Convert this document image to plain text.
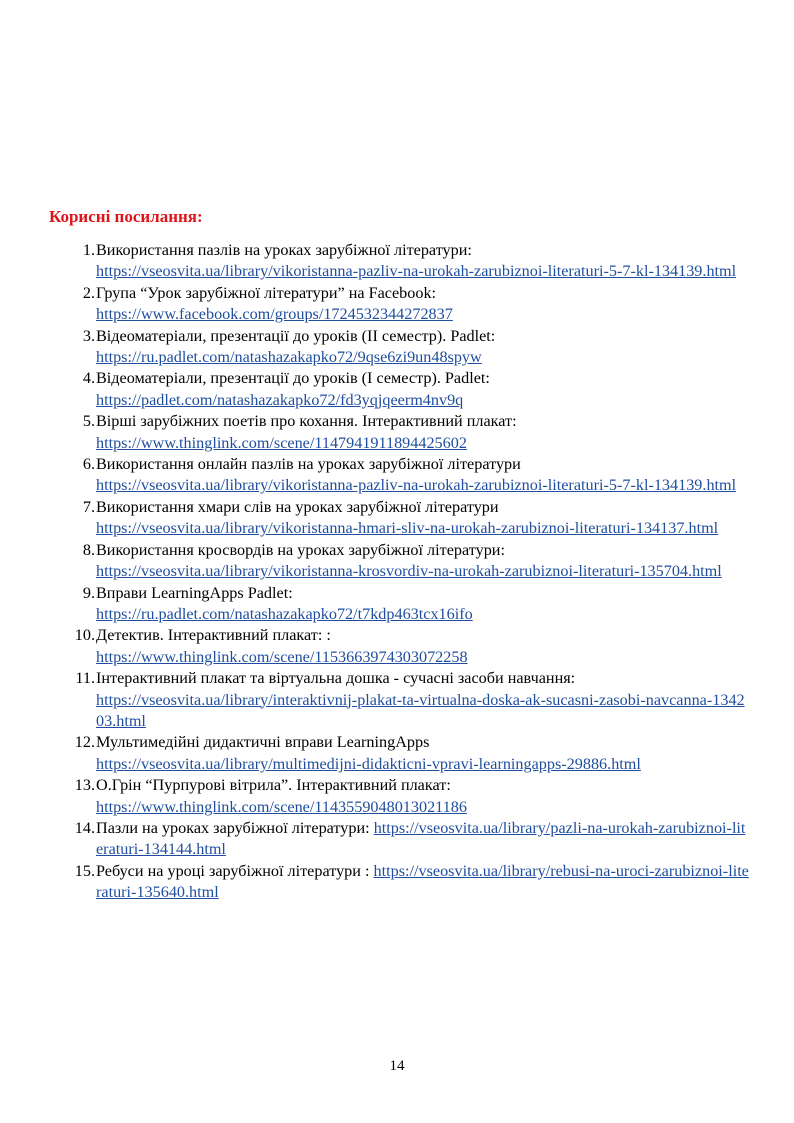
Корисні посилання:
1. Використання пазлів на уроках зарубіжної літератури:
https://vseosvita.ua/library/vikoristanna-pazliv-na-urokah-zarubiznoi-literaturi-5-7-kl-134139.html
2. Група “Урок зарубіжної літератури” на Facebook:
https://www.facebook.com/groups/1724532344272837
3. Відеоматеріали, презентації до уроків (ІІ семестр). Padlet:
https://ru.padlet.com/natashazakapko72/9qse6zi9un48spyw
4. Відеоматеріали, презентації до уроків (І семестр). Padlet:
https://padlet.com/natashazakapko72/fd3yqjqeerm4nv9q
5. Вірші зарубіжних поетів про кохання. Інтерактивний плакат:
https://www.thinglink.com/scene/1147941911894425602
6. Використання онлайн пазлів на уроках зарубіжної літератури
https://vseosvita.ua/library/vikoristanna-pazliv-na-urokah-zarubiznoi-literaturi-5-7-kl-134139.html
7. Використання хмари слів на уроках зарубіжної літератури
https://vseosvita.ua/library/vikoristanna-hmari-sliv-na-urokah-zarubiznoi-literaturi-134137.html
8. Використання кросвордів на уроках зарубіжної літератури:
https://vseosvita.ua/library/vikoristanna-krosvordiv-na-urokah-zarubiznoi-literaturi-135704.html
9. Вправи LearningApps Padlet:
https://ru.padlet.com/natashazakapko72/t7kdp463tcx16ifo
10. Детектив. Інтерактивний плакат: :
https://www.thinglink.com/scene/1153663974303072258
11. Інтерактивний плакат та віртуальна дошка - сучасні засоби навчання:
https://vseosvita.ua/library/interaktivnij-plakat-ta-virtualna-doska-ak-sucasni-zasobi-navcanna-134203.html
12. Мультимедійні дидактичні вправи LearningApps
https://vseosvita.ua/library/multimedijni-didakticni-vpravi-learningapps-29886.html
13. О.Грін “Пурпурові вітрила”. Інтерактивний плакат:
https://www.thinglink.com/scene/1143559048013021186
14. Пазли на уроках зарубіжної літератури: https://vseosvita.ua/library/pazli-na-urokah-zarubiznoi-literaturi-134144.html
15. Ребуси на уроці зарубіжної літератури : https://vseosvita.ua/library/rebusi-na-uroci-zarubiznoi-literaturi-135640.html
14
